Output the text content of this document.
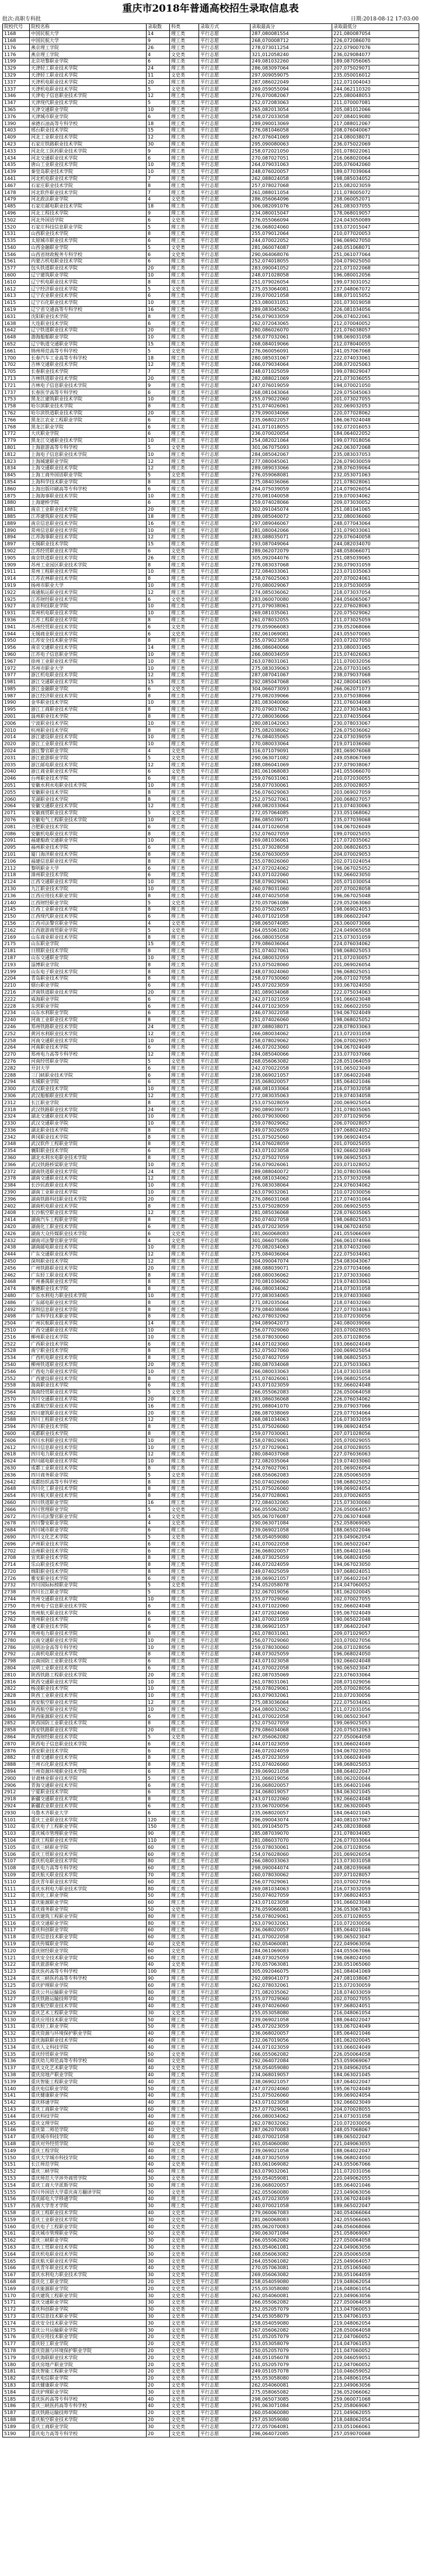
重庆市2018年普通高校招生录取信息表
批次:高职专科批	日期:2018-08-12 17:03:00
院校代号	院校名称	录取数	科类	录取方式	录取最高分	录取最低分
1168	中国民航大学	14	理工类	平行志愿	287,080081554	221,080087054
1168	中国民航大学	9	理工类	平行志愿	268,070008712	226,072086070
1176	燕京理工学院	26	理工类	平行志愿	278,073011254	222,079007076
1176	燕京理工学院	4	文史类	平行志愿	321,012058240	236,029084077
1199	北京培黎职业学院	6	理工类	平行志愿	249,081032260	189,087056065
1329	天津轻工职业技术学院	24	理工类	平行志愿	286,083097064	207,075029071
1329	天津轻工职业技术学院	11	文史类	平行志愿	297,009059075	235,050016012
1337	天津机电职业技术学院	20	理工类	平行志愿	287,086022049	212,071004043
1337	天津机电职业技术学院	5	文史类	平行志愿	269,059055094	244,062110320
1346	天津电子信息职业技术学院	12	理工类	平行志愿	276,070082067	225,080048053
1347	天津现代职业技术学院	5	理工类	平行志愿	252,072083063	211,070007081
1365	天津交通职业学院	10	理工类	平行志愿	265,082013054	205,081012066
1376	天津城市职业学院	6	理工类	平行志愿	258,072033058	207,084019080
1390	承德石油高等专科学校	18	理工类	平行志愿	289,090013069	217,088012067
1403	邢台职业技术学院	15	理工类	平行志愿	276,081046058	208,076040067
1409	河北工业职业技术学院	12	理工类	平行志愿	267,076041069	214,080038071
1423	石家庄铁路职业技术学院	30	理工类	平行志愿	295,090080063	236,075022069
1433	河北化工医药职业技术学院	9	理工类	平行志愿	258,072021050	201,078022061
1434	河北交通职业技术学院	6	理工类	平行志愿	270,087027051	216,068020064
1435	唐山工业职业技术学院	10	理工类	平行志愿	264,079031063	205,076042060
1439	秦皇岛职业技术学院	10	理工类	平行志愿	248,076020057	189,077039064
1441	河北机电职业技术学院	7	理工类	平行志愿	262,088024058	198,085034052
1467	石家庄职业技术学院	8	理工类	平行志愿	257,078027068	215,082023059
1478	河北软件职业技术学院	7	理工类	平行志愿	261,088011054	211,078005072
1479	河北政法职业学院	4	文史类	平行志愿	286,056064096	238,060052071
1485	石家庄邮电职业技术学院	18	理工类	平行志愿	306,082091076	261,083037055
1496	河北工程技术学院	9	理工类	平行志愿	234,080015047	178,068019057
1502	河北外国语学院	6	文史类	平行志愿	276,055066094	224,043050089
1520	石家庄科技信息职业学院	5	理工类	平行志愿	236,068024060	193,072015047
1531	山西职业技术学院	8	理工类	平行志愿	255,079012064	210,077020053
1535	太原城市职业技术学院	6	理工类	平行志愿	244,070022052	196,069027050
1540	山西金融职业学院	5	文史类	平行志愿	281,060074087	240,051068071
1546	山西省财政税务专科学校	6	文史类	平行志愿	290,064068076	251,061077064
1561	内蒙古机电职业技术学院	6	理工类	平行志愿	252,074018055	204,079025050
1577	包头铁道职业技术学院	20	理工类	平行志愿	283,090041052	221,071022068
1600	辽宁建筑职业学院	10	理工类	平行志愿	248,071028058	196,080012056
1610	辽宁机电职业技术学院	8	理工类	平行志愿	251,079026054	199,073031052
1612	辽宁经济职业技术学院	5	文史类	平行志愿	275,053064081	237,048067072
1613	辽宁农业职业技术学院	6	理工类	平行志愿	239,070021058	188,071015052
1615	辽宁石化职业技术学院	10	理工类	平行志愿	253,080031051	201,073019058
1619	辽宁省交通高等专科学校	16	理工类	平行志愿	289,083045062	226,081034056
1631	沈阳职业技术学院	8	理工类	平行志愿	256,079033059	206,074022061
1638	大连职业技术学院	6	理工类	平行志愿	262,072043065	212,070040052
1642	辽宁铁道职业技术学院	20	理工类	平行志愿	280,086026070	221,076038057
1648	渤海船舶职业学院	10	理工类	平行志愿	258,077032061	198,069031058
1652	辽宁轨道交通职业学院	15	理工类	平行志愿	268,084019066	212,078040055
1661	锦州师范高等专科学校	5	文史类	平行志愿	276,060056091	241,057067068
1700	长春汽车工业高等专科学校	18	理工类	平行志愿	280,085031067	222,074033061
1702	吉林交通职业技术学院	12	理工类	平行志愿	266,079034064	208,072025063
1705	长春职业技术学院	7	理工类	平行志愿	248,071025059	199,078029047
1713	吉林铁道职业技术学院	20	理工类	平行志愿	282,088021069	221,073036055
1721	吉林电子信息职业技术学院	9	理工类	平行志愿	247,076019059	194,070021050
1737	长春医学高等专科学校	6	理工类	平行志愿	268,081043064	229,075045063
1753	黑龙江建筑职业技术学院	10	理工类	平行志愿	255,079022060	201,073027055
1758	哈尔滨职业技术学院	8	理工类	平行志愿	251,074026061	202,069032053
1762	哈尔滨铁道职业技术学院	20	理工类	平行志愿	279,090034066	220,077028062
1766	黑龙江农业工程职业学院	6	理工类	平行志愿	235,068022057	186,067024048
1768	黑龙江职业学院	6	理工类	平行志愿	241,071018055	192,072016053
1772	大庆职业学院	6	理工类	平行志愿	236,070020054	184,064022052
1779	黑龙江交通职业技术学院	10	理工类	平行志愿	254,082021064	199,077018056
1801	上海旅游高等专科学校	5	文史类	平行志愿	301,067075093	262,063072068
1812	上海电子信息职业技术学院	10	理工类	平行志愿	284,085042067	235,083037053
1823	上海城建职业学院	12	理工类	平行志愿	277,080045061	226,079030059
1834	上海交通职业技术学院	12	理工类	平行志愿	289,089033066	238,076039064
1845	上海工商外国语职业学院	5	文史类	平行志愿	276,059068081	232,053071063
1854	上海科学技术职业学院	8	理工类	平行志愿	275,084036066	221,078028061
1860	上海出版印刷高等专科学校	6	理工类	平行志愿	264,075039059	214,079026054
1875	上海海事职业技术学院	10	理工类	平行志愿	270,081040058	219,070034062
1880	上海建桥学院	6	理工类	平行志愿	259,074028066	209,073030052
1881	南京工业职业技术学院	20	理工类	平行志愿	302,091045074	251,081041065
1885	江苏建筑职业技术学院	18	理工类	平行志愿	289,085040072	232,080036060
1889	南京信息职业技术学院	16	理工类	平行志愿	297,089046067	248,077043064
1890	常州信息职业技术学院	10	理工类	平行志愿	281,080042066	231,079033061
1894	江苏海事职业技术学院	12	理工类	平行志愿	283,088035071	229,076040058
1897	无锡职业技术学院	15	理工类	平行志愿	293,087049064	244,082034070
1902	江苏经贸职业技术学院	6	文史类	平行志愿	289,062072079	248,058066071
1905	南京铁道职业技术学院	26	理工类	平行志愿	305,092044076	251,085039065
1909	苏州工业园区职业技术学院	8	理工类	平行志愿	278,083037068	230,079031059
1911	常州工程职业技术学院	10	理工类	平行志愿	272,084033061	223,071035063
1914	江苏农林职业技术学院	8	理工类	平行志愿	258,076025063	207,070024061
1919	扬州市职业大学	10	理工类	平行志愿	270,080029067	219,075030059
1922	南通航运职业技术学院	12	理工类	平行志愿	274,085036062	218,073037054
1925	江苏财经职业技术学院	6	文史类	平行志愿	283,060070080	244,056065067
1927	南京科技职业学院	10	理工类	平行志愿	271,079038061	222,076028063
1931	常州机电职业技术学院	10	理工类	平行志愿	269,081035061	220,075029062
1936	江苏工程职业技术学院	8	理工类	平行志愿	261,078032055	211,073025059
1941	苏州经贸职业技术学院	6	文史类	平行志愿	279,059066083	239,052068066
1944	无锡商业职业技术学院	6	文史类	平行志愿	282,061069081	243,055070065
1950	江苏安全技术职业学院	8	理工类	平行志愿	255,079023058	203,072027050
1956	南京交通职业技术学院	14	理工类	平行志愿	286,086040066	233,080031065
1960	江苏电子信息职业学院	10	理工类	平行志愿	266,080034059	215,074026063
1967	徐州工业职业技术学院	10	理工类	平行志愿	263,078031061	211,070032056
1972	苏州市职业大学	10	理工类	平行志愿	275,083039063	226,077031065
1977	浙江机电职业技术学院	12	理工类	平行志愿	287,087041067	238,079037068
1981	浙江交通职业技术学院	15	理工类	平行志愿	292,085047068	242,080041065
1985	浙江金融职业学院	6	文史类	平行志愿	304,066073093	266,062071073
1987	浙江经济职业技术学院	8	理工类	平行志愿	279,082039066	233,075038066
1990	金华职业技术学院	10	理工类	平行志愿	281,083040066	231,076034068
1995	浙江工商职业技术学院	8	理工类	平行志愿	270,079037062	222,073034063
2001	温州职业技术学院	8	理工类	平行志愿	272,080036066	223,074035064
2006	宁波职业技术学院	10	理工类	平行志愿	280,081042063	230,078033067
2010	杭州职业技术学院	8	理工类	平行志愿	275,082038062	226,075036062
2014	浙江建设职业技术学院	10	理工类	平行志愿	276,084035065	224,073039059
2020	浙江工业职业技术学院	10	理工类	平行志愿	270,080033064	219,071036060
2024	浙江警官职业学院	4	文史类	平行志愿	316,071079091	281,069076068
2031	浙江旅游职业学院	5	文史类	平行志愿	290,063071082	249,058067069
2035	浙江邮电职业技术学院	12	理工类	平行志愿	288,086041069	237,079038067
2040	浙江商业职业技术学院	6	文史类	平行志愿	281,061068083	241,055066070
2046	台州职业技术学院	6	理工类	平行志愿	259,076031061	210,072030055
2051	安徽水利水电职业技术学院	10	理工类	平行志愿	258,077030061	205,070028057
2055	安徽职业技术学院	8	理工类	平行志愿	256,076029063	203,069027059
2060	芜湖职业技术学院	8	理工类	平行志愿	252,075027061	200,068027057
2064	安徽交通职业技术学院	12	理工类	平行志愿	268,082033064	213,074030063
2071	安徽商贸职业技术学院	5	文史类	平行志愿	272,057064085	233,051068062
2076	安徽电气工程职业技术学院	10	理工类	平行志愿	286,085039071	235,077039068
2081	合肥职业技术学院	6	理工类	平行志愿	244,071026058	194,067026049
2086	安徽机电职业技术学院	8	理工类	平行志愿	252,076027059	199,070025055
2091	福建船政交通职业学院	10	理工类	平行志愿	269,081036061	217,072035062
2095	福州职业技术学院	6	理工类	平行志愿	251,073028058	200,068026053
2101	厦门海洋职业技术学院	8	理工类	平行志愿	256,076030059	204,070029053
2106	福建信息职业技术学院	8	理工类	平行志愿	255,078026060	202,071024054
2112	黎明职业大学	6	理工类	平行志愿	247,072024062	196,067025052
2118	漳州职业技术学院	6	理工类	平行志愿	243,071022060	192,066023050
2124	江西交通职业技术学院	10	理工类	平行志愿	258,079029061	205,071030054
2130	九江职业技术学院	10	理工类	平行志愿	260,078031060	207,070028058
2136	江西应用技术职业学院	8	理工类	平行志愿	248,074025058	196,067025048
2140	江西财经职业学院	5	文史类	平行志愿	270,057061086	229,052063060
2145	江西工业职业技术学院	8	理工类	平行志愿	250,075026057	198,069024053
2150	江西现代职业技术学院	6	理工类	平行志愿	240,071021058	189,066022047
2156	江西司法警官职业学院	4	文史类	平行志愿	298,065074085	263,060073066
2162	江西旅游商贸职业学院	5	文史类	平行志愿	264,055061082	224,049065058
2169	山东商业职业技术学院	8	理工类	平行志愿	266,080035058	215,073031059
2175	山东职业学院	15	理工类	平行志愿	279,086036064	224,076034062
2181	日照职业技术学院	8	理工类	平行志愿	251,074027061	198,068025053
2187	山东交通职业学院	10	理工类	平行志愿	264,080032059	211,072030057
2193	淄博职业学院	8	理工类	平行志愿	253,075028060	201,069026054
2199	山东电子职业技术学院	8	理工类	平行志愿	248,073024060	196,068025051
2204	青岛职业技术学院	8	理工类	平行志愿	258,077030060	206,071027058
2210	烟台职业学院	6	理工类	平行志愿	245,072023059	193,067024050
2216	济南铁道职业技术学院	20	理工类	平行志愿	281,089034068	222,075034063
2222	威海职业学院	6	理工类	平行志愿	242,071021059	191,066023048
2228	东营职业学院	6	理工类	平行志愿	244,071023059	192,066022050
2234	山东水利职业学院	6	理工类	平行志愿	246,073022058	194,067024049
2240	河南工业职业技术学院	8	理工类	平行志愿	251,074026060	198,068025052
2246	郑州铁路职业技术学院	24	理工类	平行志愿	287,088038071	228,078033063
2252	黄河水利职业技术学院	12	理工类	平行志愿	266,080034062	213,072031058
2258	河南交通职业技术学院	10	理工类	平行志愿	258,078029062	206,070029057
2264	河南职业技术学院	6	理工类	平行志愿	246,072023060	194,067024049
2270	郑州电力高等专科学校	12	理工类	平行志愿	284,085040066	233,077037066
2276	河南经贸职业学院	5	文史类	平行志愿	268,056063082	228,051064059
2282	开封大学	6	理工类	平行志愿	242,070022058	191,065023049
2288	三门峡职业技术学院	6	理工类	平行志愿	238,069021057	187,064022048
2294	永城职业学院	6	理工类	平行志愿	235,068020057	185,064021046
2300	武汉职业技术学院	10	理工类	平行志愿	268,081033064	216,073032058
2306	武汉船舶职业技术学院	12	理工类	平行志愿	272,083035063	219,074034058
2312	长江职业学院	8	理工类	平行志愿	253,075028059	200,069025054
2318	武汉铁路职业技术学院	24	理工类	平行志愿	290,089039073	231,078035065
2324	湖北交通职业技术学院	10	理工类	平行志愿	260,079030060	207,071029056
2330	武汉交通职业学院	10	理工类	平行志愿	259,078029062	206,070028057
2336	湖北职业技术学院	8	理工类	平行志愿	249,073026059	197,068024052
2342	黄冈职业技术学院	8	理工类	平行志愿	251,075025060	199,069024054
2348	武汉软件工程职业学院	8	理工类	平行志愿	254,076028059	201,070025055
2354	襄阳职业技术学院	6	理工类	平行志愿	243,071023058	192,066023049
2360	湖北水利水电职业技术学院	8	理工类	平行志愿	252,075027059	199,069025053
2366	武汉铁路桥梁职业学院	10	理工类	平行志愿	256,079026061	203,071028052
2372	湖南铁道职业技术学院	24	理工类	平行志愿	289,088040072	230,078035066
2378	湖南交通职业技术学院	12	理工类	平行志愿	268,081034062	215,073032058
2384	长沙民政职业技术学院	10	理工类	平行志愿	276,083038064	224,076034062
2390	湖南工业职业技术学院	10	理工类	平行志愿	263,079032061	210,072030056
2396	湖南铁路科技职业技术学院	20	理工类	平行志愿	276,086031068	217,074031064
2402	湖南机电职业技术学院	8	理工类	平行志愿	253,075028059	200,069025055
2408	长沙航空职业技术学院	12	理工类	平行志愿	281,085036068	228,076035065
2414	湖南汽车工程职业学院	8	理工类	平行志愿	250,074027058	198,068025053
2420	湖南化工职业技术学院	6	理工类	平行志愿	245,072023059	194,067024050
2426	湖南大众传媒职业技术学院	6	文史类	平行志愿	281,060068083	241,055066069
2432	湖南司法警官职业学院	4	文史类	平行志愿	301,066075086	266,061074066
2438	湖南邮电职业技术学院	10	理工类	平行志愿	270,082034063	218,074032060
2444	广东交通职业技术学院	12	理工类	平行志愿	275,084036064	222,075034061
2450	深圳职业技术学院	12	理工类	平行志愿	304,090047074	254,083043067
2456	广州铁路职业技术学院	20	理工类	平行志愿	288,088039071	229,077034066
2462	广东轻工职业技术学院	8	理工类	平行志愿	268,080036062	217,073033060
2468	广州番禺职业技术学院	8	理工类	平行志愿	270,081036062	219,074033061
2474	顺德职业技术学院	8	理工类	平行志愿	266,080034062	214,073031058
2480	广东水利电力职业技术学院	10	理工类	平行志愿	272,083034065	219,074033060
2486	广东邮电职业技术学院	8	理工类	平行志愿	271,082035064	218,074032060
2492	深圳信息职业技术学院	8	理工类	平行志愿	279,084038066	227,077034063
2498	广东科学技术职业学院	8	理工类	平行志愿	262,078032062	210,072030056
2504	广州民航职业技术学院	14	理工类	平行志愿	294,089042073	240,080039066
2510	广西交通职业技术学院	10	理工类	平行志愿	256,077029060	203,070028055
2516	柳州职业技术学院	10	理工类	平行志愿	258,078030060	205,071028056
2522	广西职业技术学院	6	理工类	平行志愿	244,071023060	193,066024049
2528	南宁职业技术学院	8	理工类	平行志愿	252,075027060	200,069025054
2534	广西机电职业技术学院	8	理工类	平行志愿	250,074027059	198,068025053
2540	柳州铁道职业技术学院	20	理工类	平行志愿	280,087034068	221,075033063
2546	广西电力职业技术学院	10	理工类	平行志愿	266,080033063	214,073031058
2552	广西建设职业技术学院	8	理工类	平行志愿	251,074026061	199,068025054
2558	海南职业技术学院	6	理工类	平行志愿	243,071023059	192,066024048
2564	海南经贸职业技术学院	5	文史类	平行志愿	266,055062083	226,050064058
2570	四川交通职业技术学院	20	理工类	平行志愿	283,086036068	226,076034062
2576	成都航空职业技术学院	16	理工类	平行志愿	291,088041070	239,079037066
2582	四川建筑职业技术学院	20	理工类	平行志愿	286,087038069	229,077034064
2588	四川工程职业技术学院	12	理工类	平行志愿	268,081034063	216,073032059
2594	四川职业技术学院	8	理工类	平行志愿	251,075026060	199,069024054
2600	成都职业技术学院	8	理工类	平行志愿	259,077030061	207,071028056
2606	四川水利职业技术学院	10	理工类	平行志愿	258,078029061	205,070029055
2612	四川信息职业技术学院	10	理工类	平行志愿	257,077029061	204,070028055
2618	四川电力职业技术学院	12	理工类	平行志愿	280,084037068	227,076036063
2624	四川邮电职业技术学院	10	理工类	平行志愿	272,082035064	219,074033060
2630	成都工业职业技术学院	8	理工类	平行志愿	254,076027061	201,069026054
2636	四川商务职业学院	5	文史类	平行志愿	268,056062083	228,050065059
2642	成都纺织高等专科学校	8	理工类	平行志愿	250,074026060	198,068025052
2648	四川化工职业技术学院	8	理工类	平行志愿	251,075026060	199,069024054
2654	四川航天职业技术学院	8	理工类	平行志愿	256,077028061	203,070026055
2660	四川铁道职业学院	16	理工类	平行志愿	272,084032065	215,073030060
2666	四川管理职业学院	5	文史类	平行志愿	266,055062082	226,050064057
2672	四川司法警官职业学院	4	文史类	平行志愿	305,067076087	270,063074068
2678	四川警安职业学院	4	文史类	平行志愿	290,063071084	252,058069065
2684	四川城市职业学院	6	理工类	平行志愿	239,069021058	188,065022046
2690	四川文化艺术学院	5	文史类	平行志愿	258,054059080	219,049062054
2696	泸州职业技术学院	6	理工类	平行志愿	241,070022058	190,065022047
2702	达州职业技术学院	6	理工类	平行志愿	236,068020057	185,064021046
2708	宜宾职业技术学院	8	理工类	平行志愿	248,073025059	196,068024050
2714	乐山职业技术学院	8	理工类	平行志愿	246,072024059	194,067023050
2720	绵阳职业技术学院	8	理工类	平行志愿	249,074025059	197,068024051
2726	雅安职业技术学院	6	理工类	平行志愿	238,069021057	187,064022047
2732	四川国际标榜职业学院	5	文史类	平行志愿	254,052058078	214,047060052
2738	四川长江职业学院	5	理工类	平行志愿	232,067019056	181,062020045
2744	贵州交通职业技术学院	10	理工类	平行志愿	255,077029060	202,070027055
2750	贵州电子信息职业技术学院	6	理工类	平行志愿	243,071022060	192,066024048
2756	贵州航天职业技术学院	6	理工类	平行志愿	247,072024060	195,067024049
2762	贵州职业技术学院	6	理工类	平行志愿	241,070021059	190,065022048
2768	遵义职业技术学院	6	理工类	平行志愿	238,069021057	187,064022047
2774	贵州电力职业技术学院	8	理工类	平行志愿	261,078031061	209,071029057
2780	云南交通职业技术学院	10	理工类	平行志愿	256,077029060	203,070027056
2786	昆明冶金高等专科学校	10	理工类	平行志愿	259,078030060	206,071028056
2792	云南机电职业技术学院	8	理工类	平行志愿	248,073025059	196,068024050
2798	云南国防工业职业技术学院	6	理工类	平行志愿	243,071023058	192,066024048
2804	昆明工业职业技术学院	6	理工类	平行志愿	241,070022058	190,065023047
2810	陕西铁路工程职业技术学院	20	理工类	平行志愿	282,087035069	223,076033064
2816	陕西交通职业技术学院	10	理工类	平行志愿	261,078031061	208,071029056
2822	杨凌职业技术学院	10	理工类	平行志愿	258,078029061	205,070028056
2828	陕西工业职业技术学院	10	理工类	平行志愿	263,079032061	210,072030056
2834	西安航空职业技术学院	12	理工类	平行志愿	275,083036064	222,075034061
2840	陕西航空职业技术学院	10	理工类	平行志愿	264,080032062	211,072031056
2846	陕西能源职业技术学院	6	理工类	平行志愿	241,070022058	190,065023047
2852	陕西国防工业职业技术学院	8	理工类	平行志愿	252,075027059	199,069025053
2858	西安铁路职业技术学院	20	理工类	平行志愿	279,086034068	220,075032063
2864	陕西财经职业技术学院	5	文史类	平行志愿	267,056062082	227,050064058
2870	陕西电子信息职业技术学院	6	理工类	平行志愿	244,071023059	193,066024049
2876	西安职业技术学院	6	理工类	平行志愿	246,072024059	194,067023050
2882	甘肃交通职业技术学院	8	理工类	平行志愿	245,072023059	193,066024049
2888	兰州石化职业技术学院	8	理工类	平行志愿	251,074026060	198,068025053
2894	兰州资源环境职业技术学院	6	理工类	平行志愿	239,069021058	188,064022047
2900	甘肃林业职业技术学院	5	理工类	平行志愿	231,066019056	180,062020044
2906	青海交通职业技术学院	6	理工类	平行志愿	236,068020057	185,064021046
2912	宁夏职业技术学院	6	理工类	平行志愿	234,068019057	184,063021045
2918	新疆交通职业技术学院	8	理工类	平行志愿	243,071022060	192,066024048
2924	新疆农业职业技术学院	6	理工类	平行志愿	233,067020056	182,063020045
2930	乌鲁木齐职业大学	6	理工类	平行志愿	235,068020057	184,064021045
5101	重庆工业职业技术学院	120	理工类	平行志愿	296,090043074	240,081037067
5102	重庆电子工程职业学院	150	理工类	平行志愿	301,091045075	245,082038068
5103	重庆城市管理职业学院	90	理工类	平行志愿	285,087039070	231,078034065
5104	重庆工程职业技术学院	110	理工类	平行志愿	281,086037070	226,077033064
5105	重庆三峡职业学院	60	理工类	平行志愿	259,078030061	206,071028056
5106	重庆工贸职业技术学院	60	理工类	平行志愿	254,076028060	201,069026054
5107	重庆机电职业技术学院	80	理工类	平行志愿	266,080033063	213,073031058
5108	重庆电力高等专科学校	60	理工类	平行志愿	298,090044074	248,082039068
5109	重庆航天职业技术学院	70	理工类	平行志愿	260,078030062	207,071028057
5110	重庆青年职业技术学院	60	理工类	平行志愿	256,077029061	203,070027056
5111	重庆水利电力职业技术学院	80	理工类	平行志愿	269,081034063	216,073032059
5112	重庆化工职业学院	50	理工类	平行志愿	250,074027059	197,068024053
5113	重庆能源职业学院	60	理工类	平行志愿	243,071023058	191,066023048
5114	重庆商务职业学院	50	文史类	平行志愿	276,059066081	236,053067063
5115	重庆建筑工程职业学院	80	理工类	平行志愿	258,078029061	205,071028055
5116	重庆交通职业学院	80	理工类	平行志愿	263,079032061	210,072030056
5117	重庆科创职业学院	60	理工类	平行志愿	236,068020057	185,064021046
5118	重庆信息技术职业学院	60	理工类	平行志愿	241,070022058	190,065023047
5119	重庆传媒职业学院	40	文史类	平行志愿	262,054060081	222,049063056
5120	重庆财经职业学院	60	文史类	平行志愿	284,061069083	244,055067066
5121	重庆安全技术职业学院	60	理工类	平行志愿	248,073025059	196,068024050
5122	重庆旅游职业学院	40	文史类	平行志愿	270,057063081	230,051065060
5123	重庆医药高等专科学校	100	理工类	平行志愿	305,092046075	261,084041069
5124	重庆三峡医药高等专科学校	90	理工类	平行志愿	292,089041073	247,081038067
5125	重庆护理职业学院	60	理工类	平行志愿	262,078032061	215,072030059
5126	重庆公共运输职业学院	80	理工类	平行志愿	271,082035062	218,074033059
5127	重庆铁路运输技师学院	40	理工类	平行志愿	255,077029060	202,070027055
5128	重庆航空职业技术学院	40	理工类	平行志愿	249,074026060	197,068024051
5129	重庆艺术工程职业学院	30	文史类	平行志愿	255,053058080	216,048061054
5130	重庆应用技术职业学院	50	理工类	平行志愿	239,069021058	188,064022047
5131	重庆轻工职业学院	50	理工类	平行志愿	245,072023059	193,067024049
5132	重庆资源与环境保护职业学院	40	理工类	平行志愿	236,068020057	185,064021046
5133	重庆海联职业技术学院	40	理工类	平行志愿	232,067019056	181,062020045
5134	重庆人文科技学院	40	理工类	平行志愿	244,071023059	193,066024049
5135	重庆经贸职业学院	50	文史类	平行志愿	266,055062082	226,050064058
5136	重庆幼儿师范高等专科学校	60	文史类	平行志愿	292,064072084	253,059069067
5137	重庆文化艺术职业学院	40	文史类	平行志愿	258,054059080	219,049062054
5138	重庆房地产职业学院	40	理工类	平行志愿	234,068019057	184,063021045
5139	重庆智能工程职业学院	40	理工类	平行志愿	238,069021057	187,064022047
5140	重庆电信职业学院	50	理工类	平行志愿	247,072024060	195,067024049
5141	重庆健康职业学院	40	理工类	平行志愿	251,075026060	199,069024054
5142	重庆移通学院	40	理工类	平行志愿	243,071023058	192,066023049
5143	重庆工商职业学院	60	理工类	平行志愿	257,077029061	204,070028055
5144	重庆科技学院	40	理工类	平行志愿	266,080034062	214,073031058
5145	重庆文理学院	40	理工类	平行志愿	262,078032062	210,072030056
5146	重庆第二师范学院	40	文史类	平行志愿	287,062070083	248,057068067
5147	重庆城市科技学院	40	理工类	平行志愿	240,070021058	189,065022047
5148	重庆对外经贸学院	30	文史类	平行志愿	261,054060080	221,049063055
5149	重庆工程学院	40	理工类	平行志愿	239,069021058	188,064022047
5150	重庆大学城市科技学院	40	理工类	平行志愿	248,073025059	196,068024050
5151	长江师范学院	40	文史类	平行志愿	283,061069082	243,055067066
5152	重庆三峡学院	40	理工类	平行志愿	263,079032061	211,072031056
5153	重庆师范大学涉外商贸学院	30	文史类	平行志愿	259,054059081	220,049062055
5154	重庆工商大学派斯学院	30	理工类	平行志愿	236,068020057	185,064021046
5155	四川外国语大学重庆南方翻译学院	30	文史类	平行志愿	262,055060080	223,049063056
5156	重庆邮电大学移通学院	40	理工类	平行志愿	245,072023059	193,067024049
5157	西南大学育才学院	30	理工类	平行志愿	240,070021058	189,065022047
5158	重庆工程职业技术学院	40	文史类	平行志愿	279,060067083	240,054066064
5159	重庆工业职业技术学院	30	文史类	平行志愿	281,060068083	242,055066065
5160	重庆电子工程职业学院	40	文史类	平行志愿	285,062070083	246,056068066
5161	重庆城市管理职业学院	50	文史类	平行志愿	290,063071084	251,058069067
5162	重庆三峡职业学院	30	文史类	平行志愿	266,055062082	227,050064058
5163	重庆工贸职业技术学院	30	文史类	平行志愿	263,054061081	224,049063056
5164	重庆机电职业技术学院	30	文史类	平行志愿	268,056063082	229,050065058
5165	重庆航天职业技术学院	30	文史类	平行志愿	264,055061082	225,049064057
5166	重庆青年职业技术学院	40	文史类	平行志愿	270,057063081	231,051065060
5167	重庆水利电力职业技术学院	30	文史类	平行志愿	269,056063082	230,051064059
5168	重庆化工职业学院	20	文史类	平行志愿	258,054059080	219,048062054
5169	重庆能源职业学院	20	文史类	平行志愿	255,053058080	216,048061054
5170	重庆建筑工程职业学院	30	文史类	平行志愿	262,054060081	223,049063056
5171	重庆交通职业学院	30	文史类	平行志愿	266,055062082	227,050064058
5172	重庆科创职业学院	30	文史类	平行志愿	252,052057079	213,047060053
5173	重庆信息技术职业学院	30	文史类	平行志愿	254,053058079	215,047061053
5174	重庆安全技术职业学院	30	文史类	平行志愿	258,054059080	219,048062054
5175	重庆公共运输职业学院	30	文史类	平行志愿	267,056062082	228,050064058
5176	重庆应用技术职业学院	20	文史类	平行志愿	251,052057079	212,047060052
5177	重庆轻工职业学院	20	文史类	平行志愿	253,053058079	214,047061053
5178	重庆资源与环境保护职业学院	20	文史类	平行志愿	250,052057079	211,047060052
5179	重庆海联职业技术学院	20	文史类	平行志愿	248,051056078	209,046059051
5180	重庆房地产职业学院	20	文史类	平行志愿	251,052057079	212,047060052
5181	重庆智能工程职业学院	20	文史类	平行志愿	249,051057078	210,046059052
5182	重庆电信职业学院	20	文史类	平行志愿	255,053058080	216,048061054
5183	重庆健康职业学院	20	文史类	平行志愿	262,054060081	223,049063056
5184	重庆护理职业学院	30	文史类	平行志愿	275,058065082	236,052066062
5185	重庆医药高等专科学校	40	文史类	平行志愿	298,065073085	259,060071068
5186	重庆三峡医药高等专科学校	40	文史类	平行志愿	291,063071084	252,058069067
5187	重庆铁路运输技师学院	20	文史类	平行志愿	260,054060080	221,049062055
5188	重庆航空职业技术学院	20	文史类	平行志愿	257,053059080	218,048062054
5189	重庆工商职业学院	30	文史类	平行志愿	272,057064081	233,051066061
5190	重庆电力高等专科学校	20	文史类	平行志愿	296,064072085	257,059070068
